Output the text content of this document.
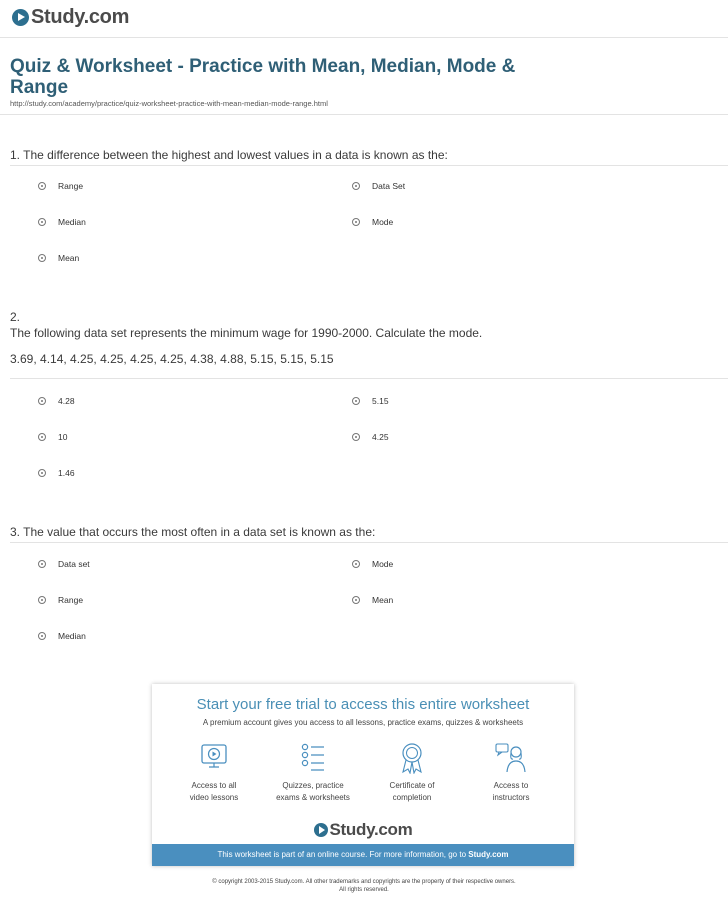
Study.com
Quiz & Worksheet - Practice with Mean, Median, Mode & Range
http://study.com/academy/practice/quiz-worksheet-practice-with-mean-median-mode-range.html
1. The difference between the highest and lowest values in a data is known as the:
Range	Data Set
Median	Mode
Mean
2.
The following data set represents the minimum wage for 1990-2000. Calculate the mode.
3.69, 4.14, 4.25, 4.25, 4.25, 4.25, 4.38, 4.88, 5.15, 5.15, 5.15
4.28	5.15
10	4.25
1.46
3. The value that occurs the most often in a data set is known as the:
Data set	Mode
Range	Mean
Median
Start your free trial to access this entire worksheet
A premium account gives you access to all lessons, practice exams, quizzes & worksheets
Access to all
video lessons
Quizzes, practice
exams & worksheets
Certificate of
completion
Access to
instructors
Study.com
This worksheet is part of an online course. For more information, go to Study.com
© copyright 2003-2015 Study.com. All other trademarks and copyrights are the property of their respective owners.
All rights reserved.
